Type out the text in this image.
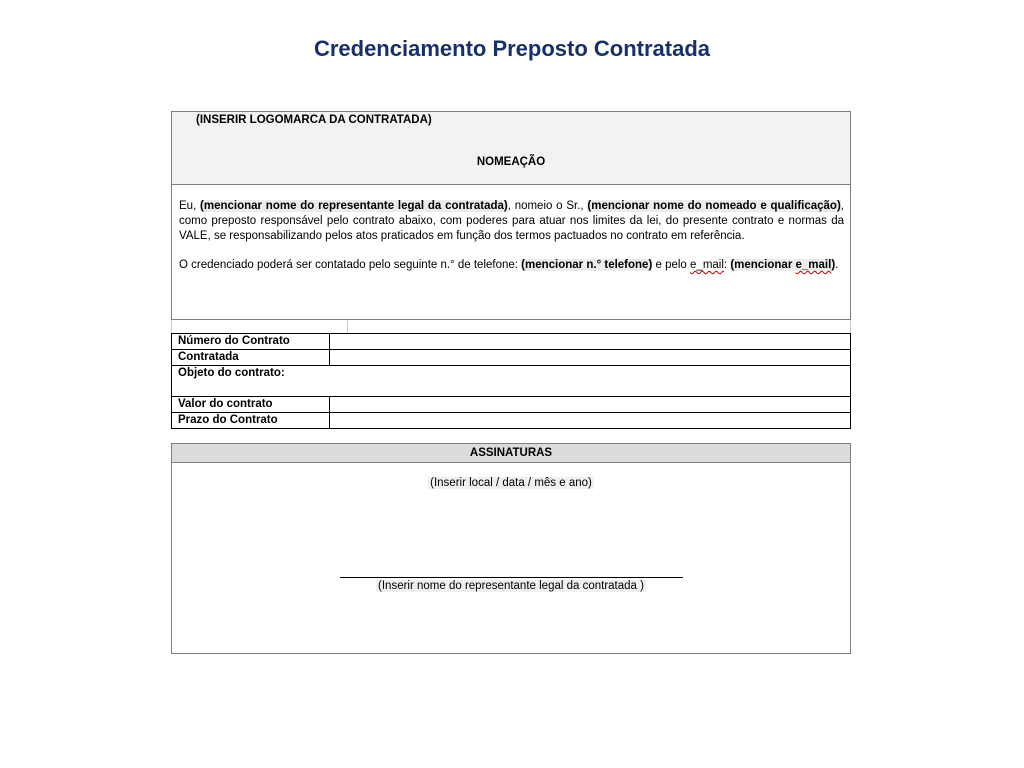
Credenciamento Preposto Contratada
(INSERIR LOGOMARCA DA CONTRATADA)
NOMEAÇÃO

Eu, (mencionar nome do representante legal da contratada), nomeio o Sr., (mencionar nome do nomeado e qualificação), como preposto responsável pelo contrato abaixo, com poderes para atuar nos limites da lei, do presente contrato e normas da VALE, se responsabilizando pelos atos praticados em função dos termos pactuados no contrato em referência.

O credenciado poderá ser contatado pelo seguinte n.° de telefone: (mencionar n.° telefone) e pelo e_mail: (mencionar e_mail).

Número do Contrato
Contratada
Objeto do contrato:
Valor do contrato
Prazo do Contrato
ASSINATURAS
(Inserir local / data / mês e ano)
(Inserir nome do representante legal da contratada )
